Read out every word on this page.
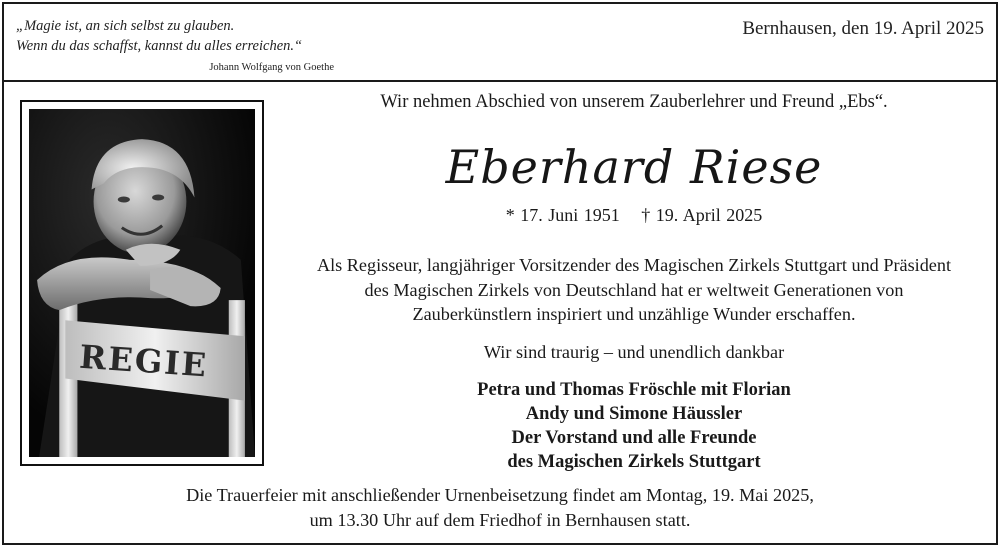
„Magie ist, an sich selbst zu glauben.
Wenn du das schaffst, kannst du alles erreichen.“
Johann Wolfgang von Goethe
Bernhausen, den 19. April 2025
REGIE
Wir nehmen Abschied von unserem Zauberlehrer und Freund „Ebs“.
Eberhard Riese
* 17. Juni 1951 † 19. April 2025
Als Regisseur, langjähriger Vorsitzender des Magischen Zirkels Stuttgart und Präsident
des Magischen Zirkels von Deutschland hat er weltweit Generationen von
Zauberkünstlern inspiriert und unzählige Wunder erschaffen.
Wir sind traurig – und unendlich dankbar
Petra und Thomas Fröschle mit Florian
Andy und Simone Häussler
Der Vorstand und alle Freunde
des Magischen Zirkels Stuttgart
Die Trauerfeier mit anschließender Urnenbeisetzung findet am Montag, 19. Mai 2025,
um 13.30 Uhr auf dem Friedhof in Bernhausen statt.
